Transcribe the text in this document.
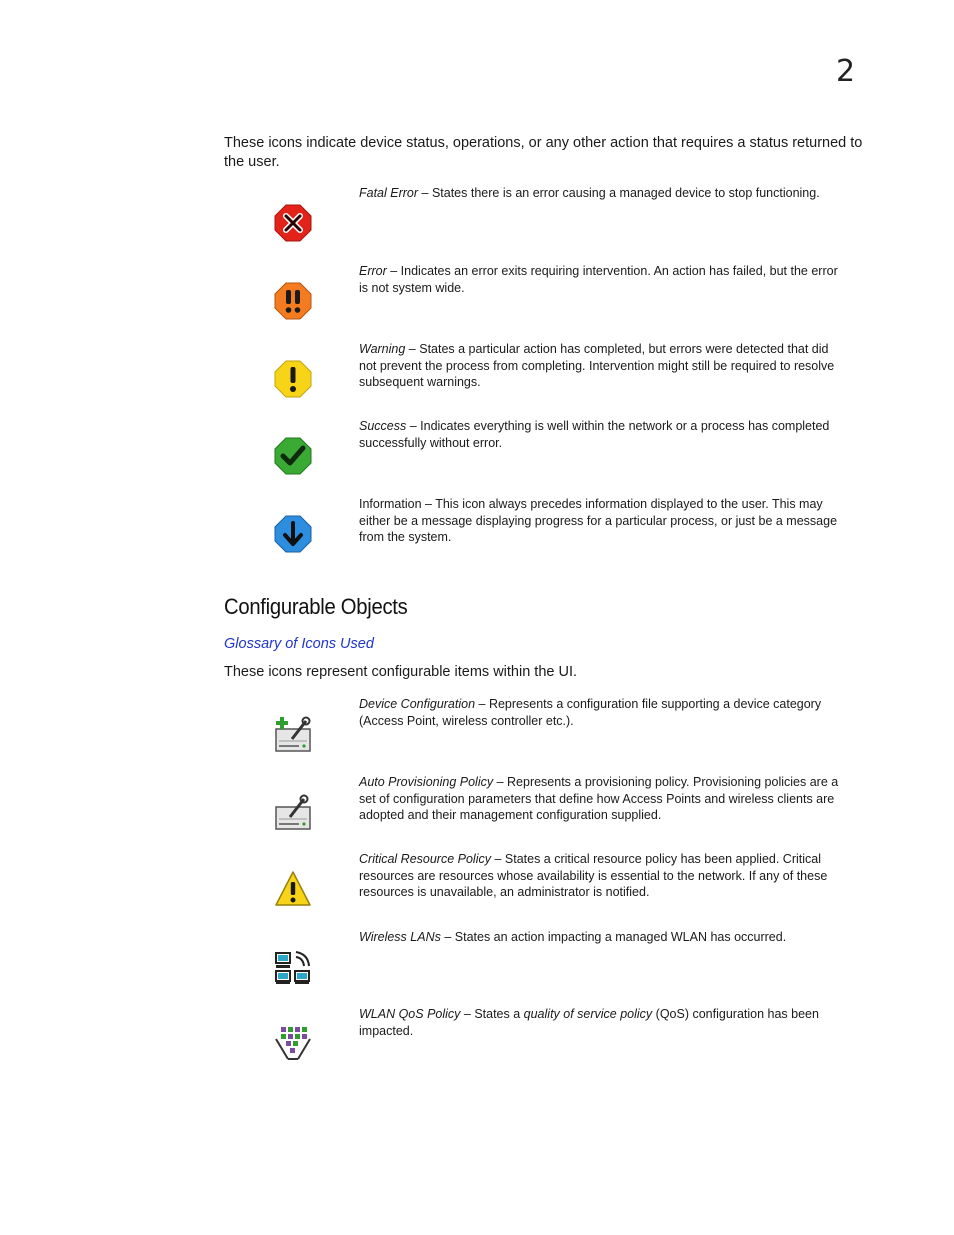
2
These icons indicate device status, operations, or any other action that requires a status returned to the user.
Fatal Error – States there is an error causing a managed device to stop functioning.
Error – Indicates an error exits requiring intervention. An action has failed, but the error is not system wide.
Warning – States a particular action has completed, but errors were detected that did not prevent the process from completing. Intervention might still be required to resolve subsequent warnings.
Success – Indicates everything is well within the network or a process has completed successfully without error.
Information – This icon always precedes information displayed to the user. This may either be a message displaying progress for a particular process, or just be a message from the system.
Configurable Objects
Glossary of Icons Used
These icons represent configurable items within the UI.
Device Configuration – Represents a configuration file supporting a device category (Access Point, wireless controller etc.).
Auto Provisioning Policy – Represents a provisioning policy. Provisioning policies are a set of configuration parameters that define how Access Points and wireless clients are adopted and their management configuration supplied.
Critical Resource Policy – States a critical resource policy has been applied. Critical resources are resources whose availability is essential to the network. If any of these resources is unavailable, an administrator is notified.
Wireless LANs – States an action impacting a managed WLAN has occurred.
WLAN QoS Policy – States a quality of service policy (QoS) configuration has been impacted.
